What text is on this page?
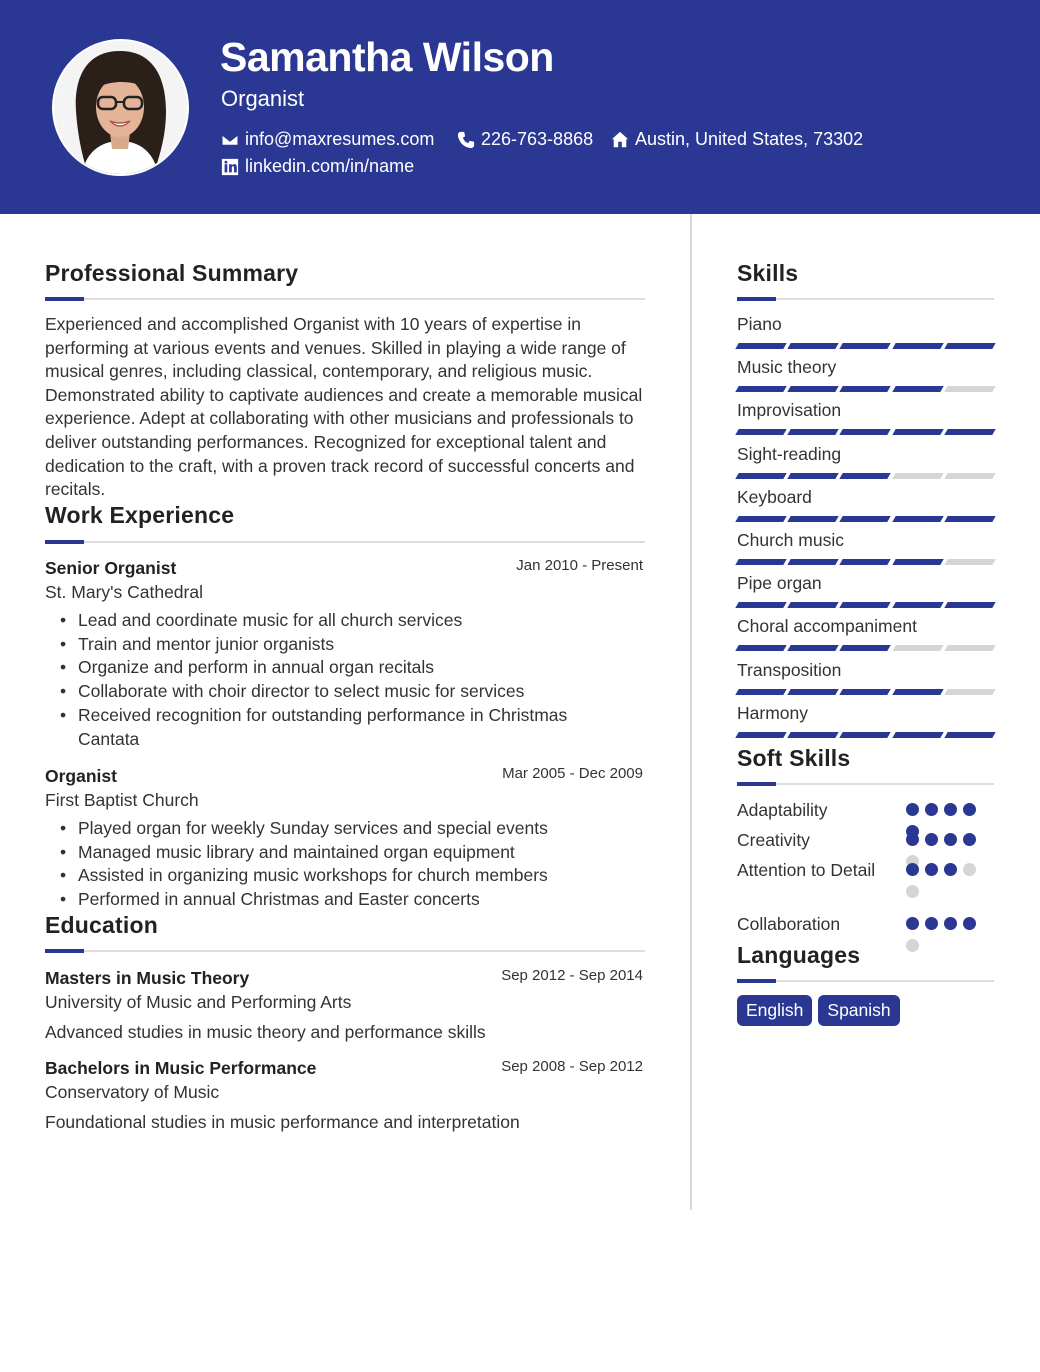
Samantha Wilson
Organist
info@maxresumes.com	226-763-8868 Austin, United States, 73302
linkedin.com/in/name
Professional Summary
Experienced and accomplished Organist with 10 years of expertise in performing at various events and venues. Skilled in playing a wide range of musical genres, including classical, contemporary, and religious music. Demonstrated ability to captivate audiences and create a memorable musical experience. Adept at collaborating with other musicians and professionals to deliver outstanding performances. Recognized for exceptional talent and dedication to the craft, with a proven track record of successful concerts and recitals.
Work Experience
Senior Organist	Jan 2010 - Present
St. Mary's Cathedral
• Lead and coordinate music for all church services
• Train and mentor junior organists
• Organize and perform in annual organ recitals
• Collaborate with choir director to select music for services
• Received recognition for outstanding performance in Christmas Cantata
Organist	Mar 2005 - Dec 2009
First Baptist Church
• Played organ for weekly Sunday services and special events
• Managed music library and maintained organ equipment
• Assisted in organizing music workshops for church members
• Performed in annual Christmas and Easter concerts
Education
Masters in Music Theory	Sep 2012 - Sep 2014
University of Music and Performing Arts
Advanced studies in music theory and performance skills
Bachelors in Music Performance	Sep 2008 - Sep 2012
Conservatory of Music
Foundational studies in music performance and interpretation
Skills
Piano
Music theory
Improvisation
Sight-reading
Keyboard
Church music
Pipe organ
Choral accompaniment
Transposition
Harmony
Soft Skills
Adaptability
Creativity
Attention to Detail
Collaboration
Languages
English	Spanish
